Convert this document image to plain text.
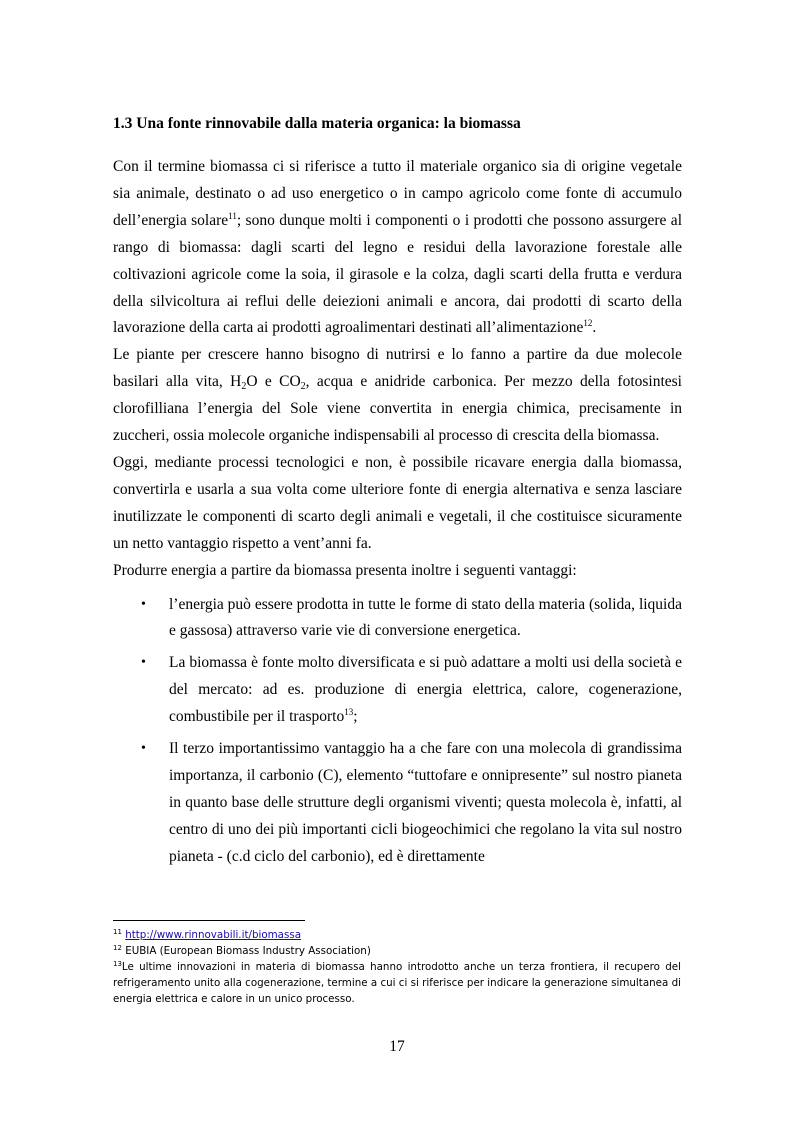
1.3 Una fonte rinnovabile dalla materia organica: la biomassa

Con il termine biomassa ci si riferisce a tutto il materiale organico sia di origine vegetale sia animale, destinato o ad uso energetico o in campo agricolo come fonte di accumulo dell’energia solare$^{11}$; sono dunque molti i componenti o i prodotti che possono assurgere al rango di biomassa: dagli scarti del legno e residui della lavorazione forestale alle coltivazioni agricole come la soia, il girasole e la colza, dagli scarti della frutta e verdura della silvicoltura ai reflui delle deiezioni animali e ancora, dai prodotti di scarto della lavorazione della carta ai prodotti agroalimentari destinati all’alimentazione$^{12}$.

Le piante per crescere hanno bisogno di nutrirsi e lo fanno a partire da due molecole basilari alla vita, $H_2O$ e $CO_2$, acqua e anidride carbonica. Per mezzo della fotosintesi clorofilliana l’energia del Sole viene convertita in energia chimica, precisamente in zuccheri, ossia molecole organiche indispensabili al processo di crescita della biomassa.

Oggi, mediante processi tecnologici e non, è possibile ricavare energia dalla biomassa, convertirla e usarla a sua volta come ulteriore fonte di energia alternativa e senza lasciare inutilizzate le componenti di scarto degli animali e vegetali, il che costituisce sicuramente un netto vantaggio rispetto a vent’anni fa.

Produrre energia a partire da biomassa presenta inoltre i seguenti vantaggi:

• l’energia può essere prodotta in tutte le forme di stato della materia (solida, liquida e gassosa) attraverso varie vie di conversione energetica.
• La biomassa è fonte molto diversificata e si può adattare a molti usi della società e del mercato: ad es. produzione di energia elettrica, calore, cogenerazione, combustibile per il trasporto$^{13}$;
• Il terzo importantissimo vantaggio ha a che fare con una molecola di grandissima importanza, il carbonio (C), elemento “tuttofare e onnipresente” sul nostro pianeta in quanto base delle strutture degli organismi viventi; questa molecola è, infatti, al centro di uno dei più importanti cicli biogeochimici che regolano la vita sul nostro pianeta - (c.d ciclo del carbonio), ed è direttamente

$^{11}$ http://www.rinnovabili.it/biomassa

$^{12}$ EUBIA (European Biomass Industry Association)

$^{13}$Le ultime innovazioni in materia di biomassa hanno introdotto anche un terza frontiera, il recupero del refrigeramento unito alla cogenerazione, termine a cui ci si riferisce per indicare la generazione simultanea di energia elettrica e calore in un unico processo.

17
